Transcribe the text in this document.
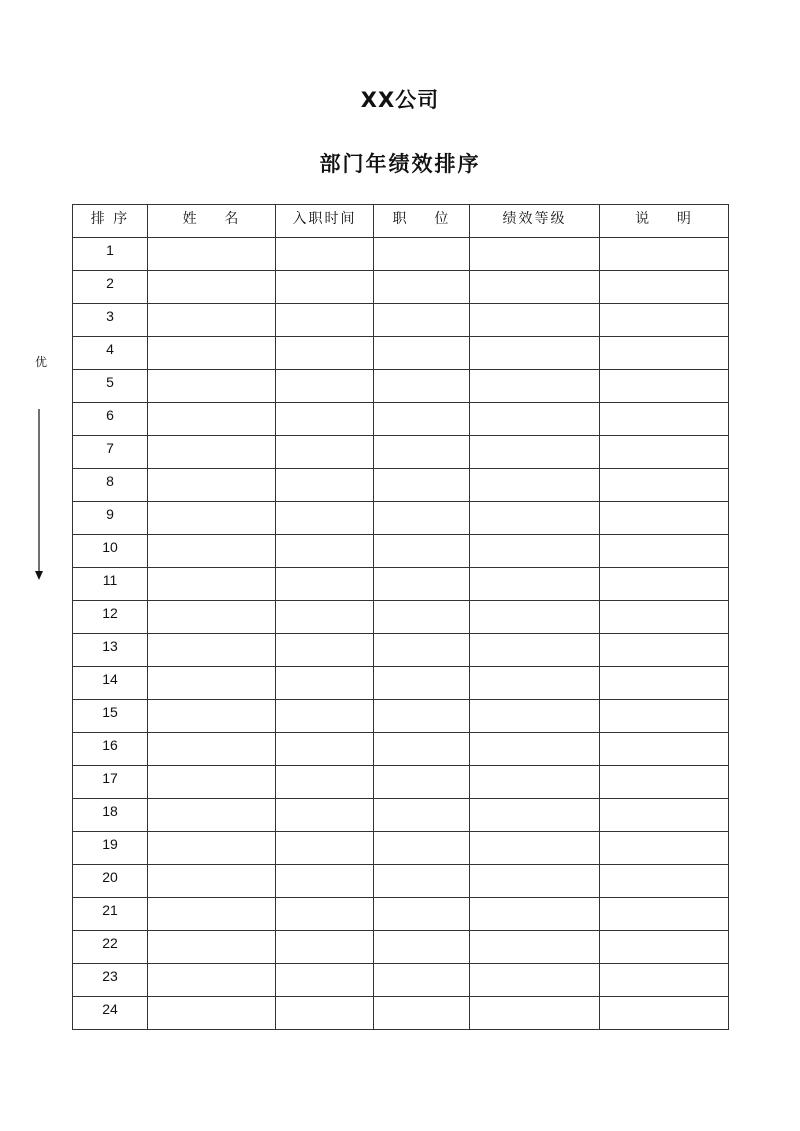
XX公司
部门年绩效排序
优
排 序	姓    名	入职时间	职    位	绩效等级	说    明
1					
2					
3					
4					
5					
6					
7					
8					
9					
10					
11					
12					
13					
14					
15					
16					
17					
18					
19					
20					
21					
22					
23					
24					
